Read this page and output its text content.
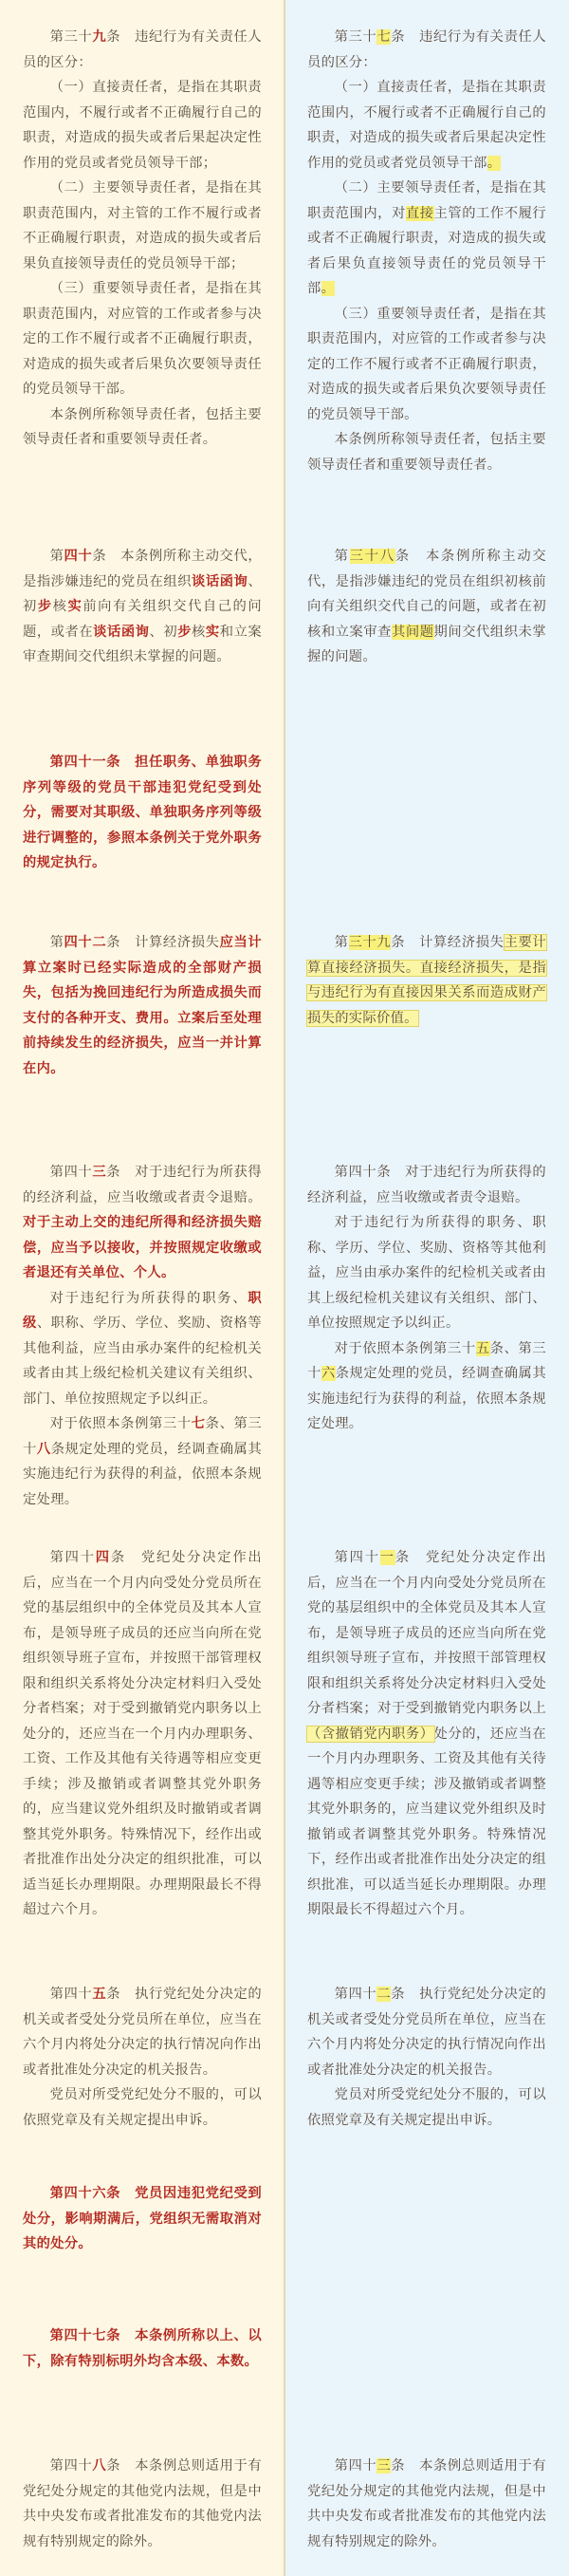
第三十九条　违纪行为有关责任人员的区分：

（一）直接责任者，是指在其职责范围内，不履行或者不正确履行自己的职责，对造成的损失或者后果起决定性作用的党员或者党员领导干部；

（二）主要领导责任者，是指在其职责范围内，对主管的工作不履行或者不正确履行职责，对造成的损失或者后果负直接领导责任的党员领导干部；

（三）重要领导责任者，是指在其职责范围内，对应管的工作或者参与决定的工作不履行或者不正确履行职责，对造成的损失或者后果负次要领导责任的党员领导干部。

本条例所称领导责任者，包括主要领导责任者和重要领导责任者。

第四十条　本条例所称主动交代，是指涉嫌违纪的党员在组织谈话函询、初步核实前向有关组织交代自己的问题，或者在谈话函询、初步核实和立案审查期间交代组织未掌握的问题。

第四十一条　担任职务、单独职务序列等级的党员干部违犯党纪受到处分，需要对其职级、单独职务序列等级进行调整的，参照本条例关于党外职务的规定执行。

第四十二条　计算经济损失应当计算立案时已经实际造成的全部财产损失，包括为挽回违纪行为所造成损失而支付的各种开支、费用。立案后至处理前持续发生的经济损失，应当一并计算在内。

第四十三条　对于违纪行为所获得的经济利益，应当收缴或者责令退赔。对于主动上交的违纪所得和经济损失赔偿，应当予以接收，并按照规定收缴或者退还有关单位、个人。

对于违纪行为所获得的职务、职级、职称、学历、学位、奖励、资格等其他利益，应当由承办案件的纪检机关或者由其上级纪检机关建议有关组织、部门、单位按照规定予以纠正。

对于依照本条例第三十七条、第三十八条规定处理的党员，经调查确属其实施违纪行为获得的利益，依照本条规定处理。

第四十四条　党纪处分决定作出后，应当在一个月内向受处分党员所在党的基层组织中的全体党员及其本人宣布，是领导班子成员的还应当向所在党组织领导班子宣布，并按照干部管理权限和组织关系将处分决定材料归入受处分者档案；对于受到撤销党内职务以上处分的，还应当在一个月内办理职务、工资、工作及其他有关待遇等相应变更手续；涉及撤销或者调整其党外职务的，应当建议党外组织及时撤销或者调整其党外职务。特殊情况下，经作出或者批准作出处分决定的组织批准，可以适当延长办理期限。办理期限最长不得超过六个月。

第四十五条　执行党纪处分决定的机关或者受处分党员所在单位，应当在六个月内将处分决定的执行情况向作出或者批准处分决定的机关报告。

党员对所受党纪处分不服的，可以依照党章及有关规定提出申诉。

第四十六条　党员因违犯党纪受到处分，影响期满后，党组织无需取消对其的处分。

第四十七条　本条例所称以上、以下，除有特别标明外均含本级、本数。

第四十八条　本条例总则适用于有党纪处分规定的其他党内法规，但是中共中央发布或者批准发布的其他党内法规有特别规定的除外。

第三十七条　违纪行为有关责任人员的区分：

（一）直接责任者，是指在其职责范围内，不履行或者不正确履行自己的职责，对造成的损失或者后果起决定性作用的党员或者党员领导干部。

（二）主要领导责任者，是指在其职责范围内，对直接主管的工作不履行或者不正确履行职责，对造成的损失或者后果负直接领导责任的党员领导干部。

（三）重要领导责任者，是指在其职责范围内，对应管的工作或者参与决定的工作不履行或者不正确履行职责，对造成的损失或者后果负次要领导责任的党员领导干部。

本条例所称领导责任者，包括主要领导责任者和重要领导责任者。

第三十八条　本条例所称主动交代，是指涉嫌违纪的党员在组织初核前向有关组织交代自己的问题，或者在初核和立案审查其间题期间交代组织未掌握的问题。

第三十九条　计算经济损失主要计算直接经济损失。直接经济损失，是指与违纪行为有直接因果关系而造成财产损失的实际价值。

第四十条　对于违纪行为所获得的经济利益，应当收缴或者责令退赔。

对于违纪行为所获得的职务、职称、学历、学位、奖励、资格等其他利益，应当由承办案件的纪检机关或者由其上级纪检机关建议有关组织、部门、单位按照规定予以纠正。

对于依照本条例第三十五条、第三十六条规定处理的党员，经调查确属其实施违纪行为获得的利益，依照本条规定处理。

第四十一条　党纪处分决定作出后，应当在一个月内向受处分党员所在党的基层组织中的全体党员及其本人宣布，是领导班子成员的还应当向所在党组织领导班子宣布，并按照干部管理权限和组织关系将处分决定材料归入受处分者档案；对于受到撤销党内职务以上（含撤销党内职务）处分的，还应当在一个月内办理职务、工资及其他有关待遇等相应变更手续；涉及撤销或者调整其党外职务的，应当建议党外组织及时撤销或者调整其党外职务。特殊情况下，经作出或者批准作出处分决定的组织批准，可以适当延长办理期限。办理期限最长不得超过六个月。

第四十二条　执行党纪处分决定的机关或者受处分党员所在单位，应当在六个月内将处分决定的执行情况向作出或者批准处分决定的机关报告。

党员对所受党纪处分不服的，可以依照党章及有关规定提出申诉。

第四十三条　本条例总则适用于有党纪处分规定的其他党内法规，但是中共中央发布或者批准发布的其他党内法规有特别规定的除外。
